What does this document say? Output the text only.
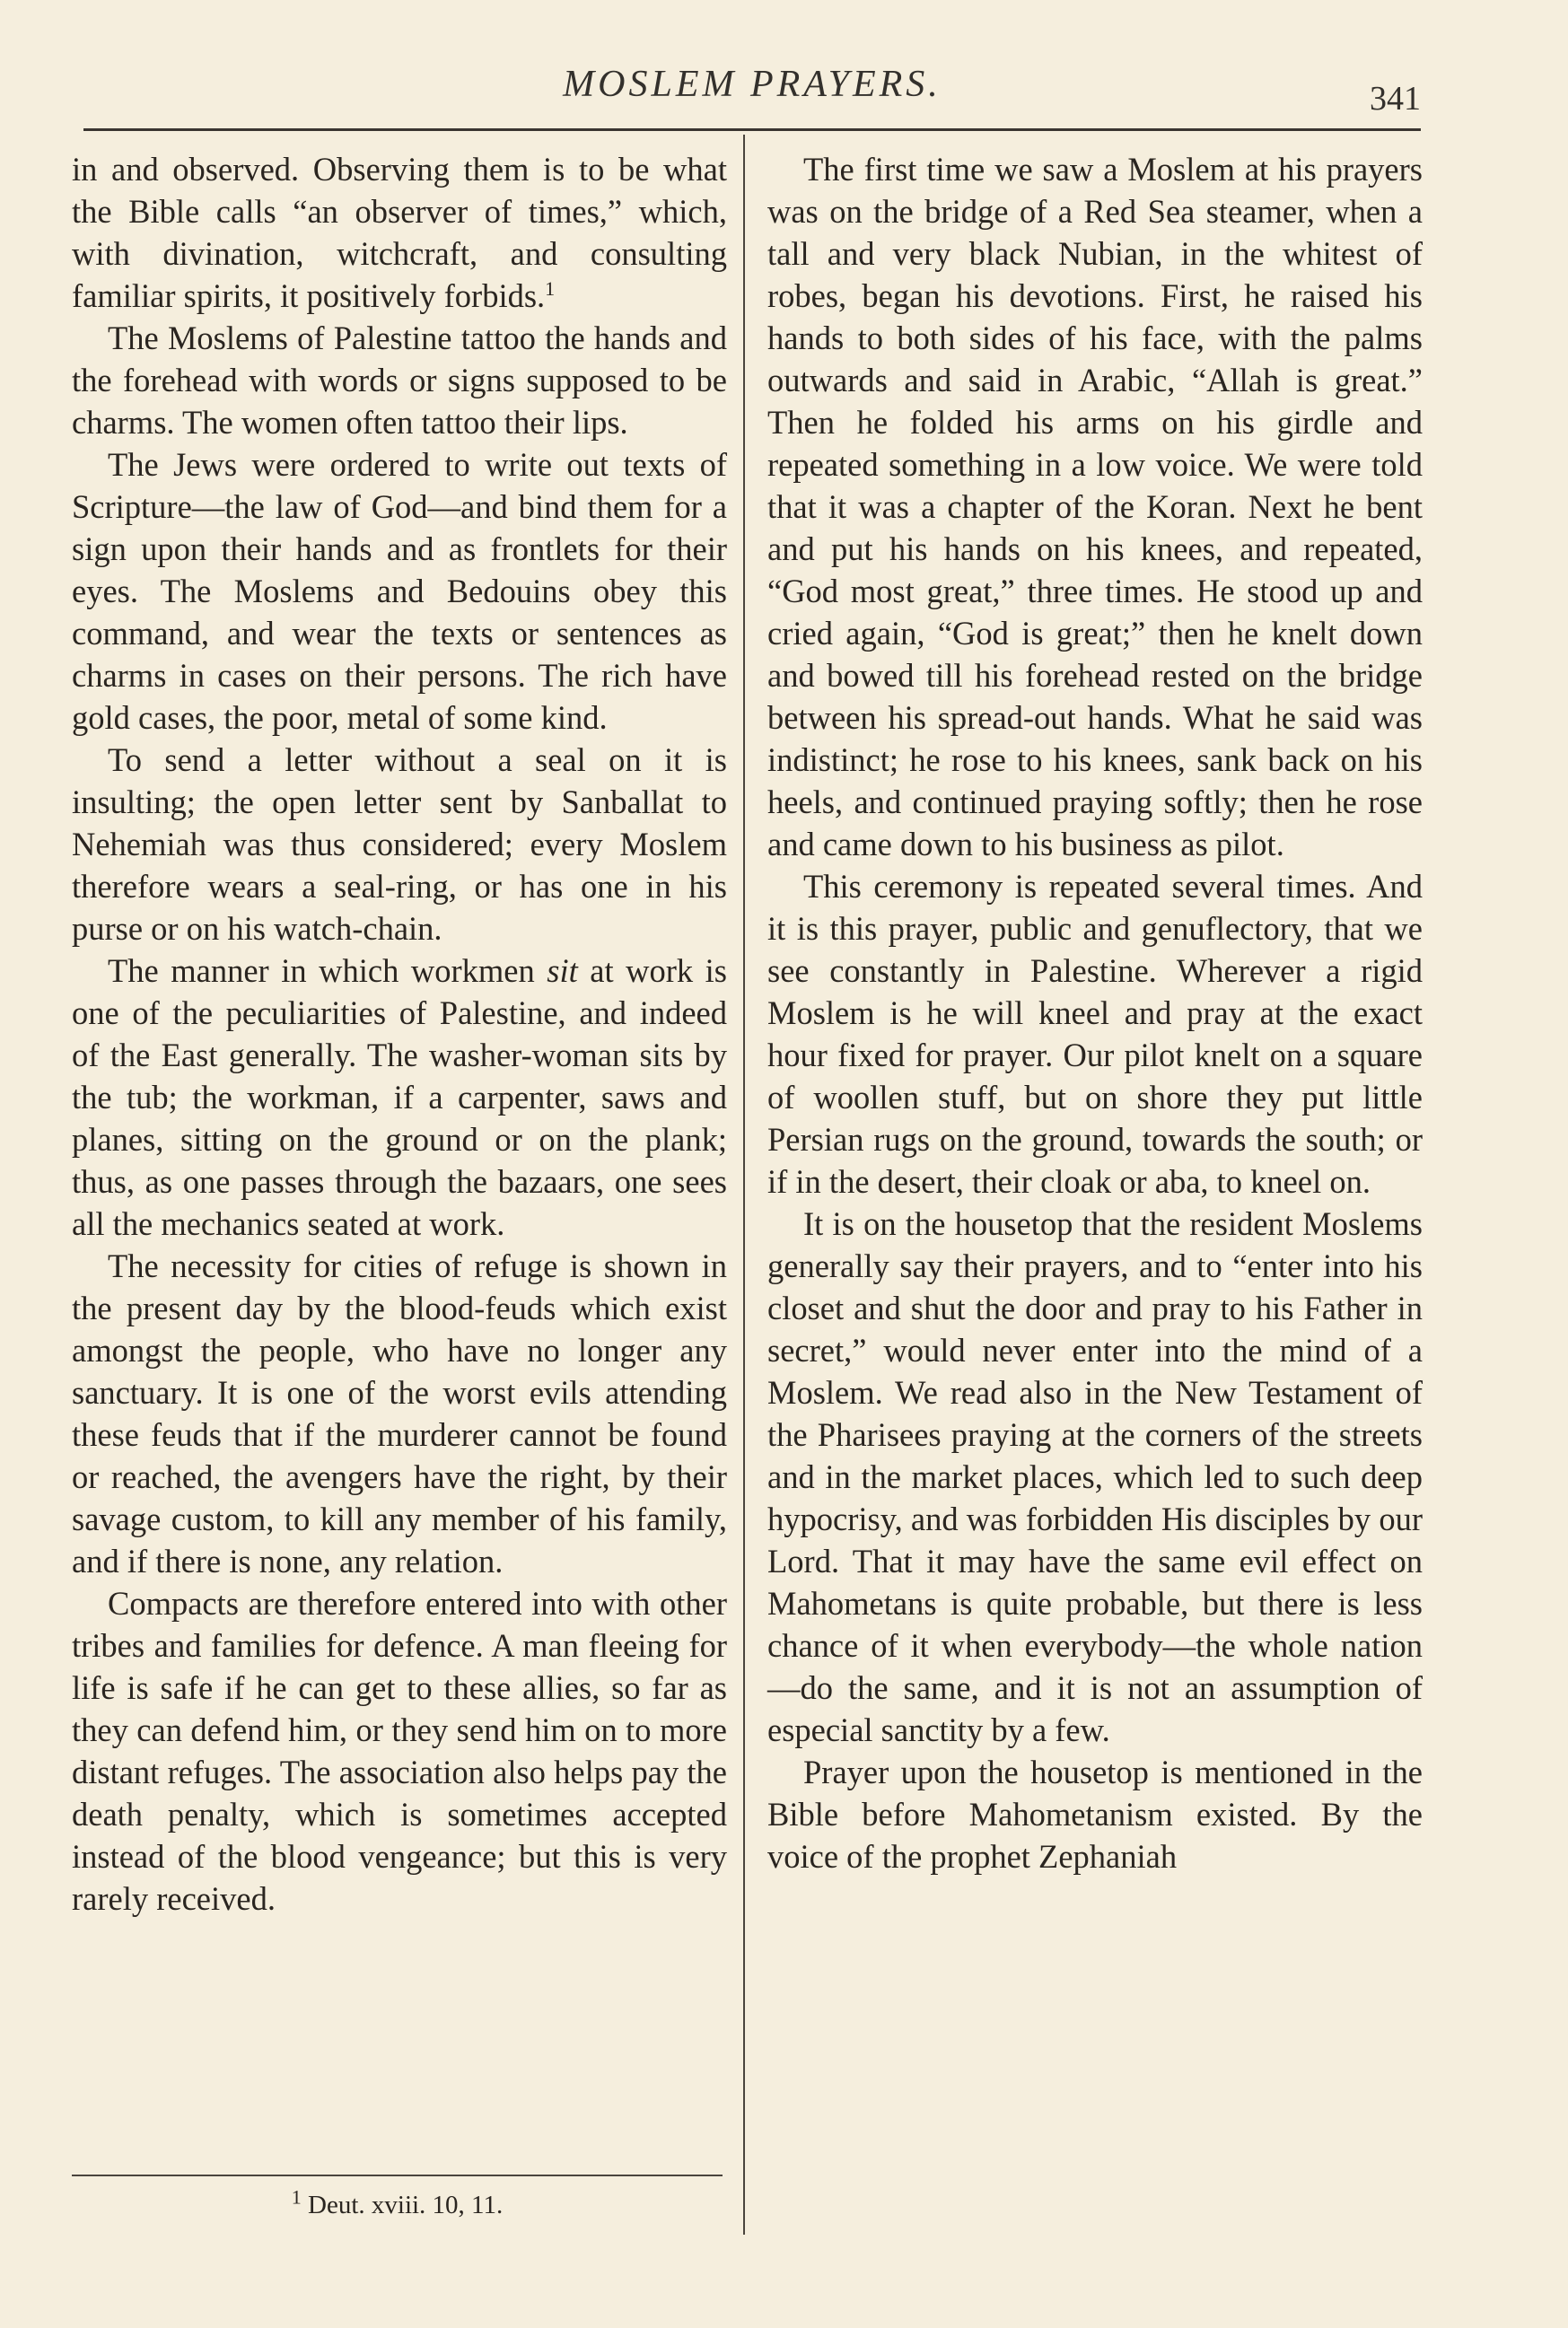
MOSLEM PRAYERS.	341

in and observed. Observing them is to be what the Bible calls “an observer of times,” which, with divination, witchcraft, and consulting familiar spirits, it positively forbids.$^1$

The Moslems of Palestine tattoo the hands and the forehead with words or signs supposed to be charms. The women often tattoo their lips.

The Jews were ordered to write out texts of Scripture—the law of God—and bind them for a sign upon their hands and as frontlets for their eyes. The Moslems and Bedouins obey this command, and wear the texts or sentences as charms in cases on their persons. The rich have gold cases, the poor, metal of some kind.

To send a letter without a seal on it is insulting; the open letter sent by Sanballat to Nehemiah was thus considered; every Moslem therefore wears a seal-ring, or has one in his purse or on his watch-chain.

The manner in which workmen sit at work is one of the peculiarities of Palestine, and indeed of the East generally. The washer-woman sits by the tub; the workman, if a carpenter, saws and planes, sitting on the ground or on the plank; thus, as one passes through the bazaars, one sees all the mechanics seated at work.

The necessity for cities of refuge is shown in the present day by the blood-feuds which exist amongst the people, who have no longer any sanctuary. It is one of the worst evils attending these feuds that if the murderer cannot be found or reached, the avengers have the right, by their savage custom, to kill any member of his family, and if there is none, any relation.

Compacts are therefore entered into with other tribes and families for defence. A man fleeing for life is safe if he can get to these allies, so far as they can defend him, or they send him on to more distant refuges. The association also helps pay the death penalty, which is sometimes accepted instead of the blood vengeance; but this is very rarely received.

$^1$ Deut. xviii. 10, 11.

The first time we saw a Moslem at his prayers was on the bridge of a Red Sea steamer, when a tall and very black Nubian, in the whitest of robes, began his devotions. First, he raised his hands to both sides of his face, with the palms outwards and said in Arabic, “Allah is great.” Then he folded his arms on his girdle and repeated something in a low voice. We were told that it was a chapter of the Koran. Next he bent and put his hands on his knees, and repeated, “God most great,” three times. He stood up and cried again, “God is great;” then he knelt down and bowed till his forehead rested on the bridge between his spread-out hands. What he said was indistinct; he rose to his knees, sank back on his heels, and continued praying softly; then he rose and came down to his business as pilot.

This ceremony is repeated several times. And it is this prayer, public and genuflectory, that we see constantly in Palestine. Wherever a rigid Moslem is he will kneel and pray at the exact hour fixed for prayer. Our pilot knelt on a square of woollen stuff, but on shore they put little Persian rugs on the ground, towards the south; or if in the desert, their cloak or aba, to kneel on.

It is on the housetop that the resident Moslems generally say their prayers, and to “enter into his closet and shut the door and pray to his Father in secret,” would never enter into the mind of a Moslem. We read also in the New Testament of the Pharisees praying at the corners of the streets and in the market places, which led to such deep hypocrisy, and was forbidden His disciples by our Lord. That it may have the same evil effect on Mahometans is quite probable, but there is less chance of it when everybody—the whole nation—do the same, and it is not an assumption of especial sanctity by a few.

Prayer upon the housetop is mentioned in the Bible before Mahometanism existed. By the voice of the prophet Zephaniah
